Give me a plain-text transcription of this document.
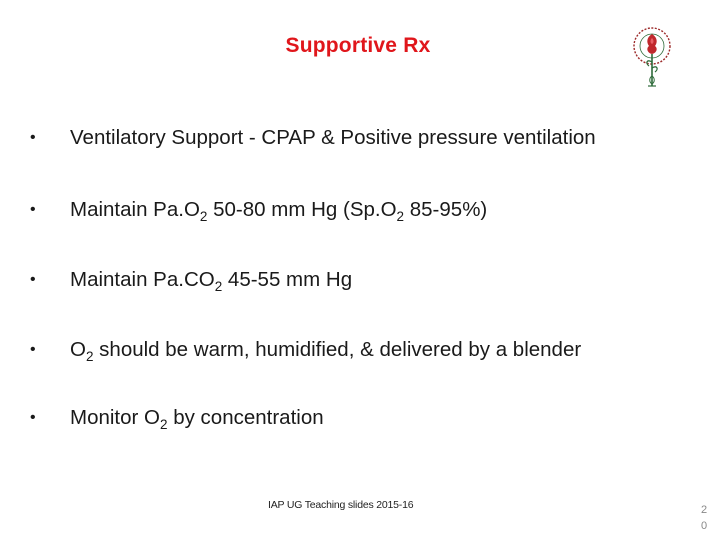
Supportive Rx
•	Ventilatory Support - CPAP & Positive pressure ventilation
•	Maintain $Pa.O_2$ 50-80 mm Hg ($Sp.O_2$ 85-95%)
•	Maintain $Pa.CO_2$ 45-55 mm Hg
•	$O_2$ should be warm, humidified, & delivered by a blender
•	Monitor $O_2$ by concentration
IAP UG Teaching slides 2015-16	2
0
